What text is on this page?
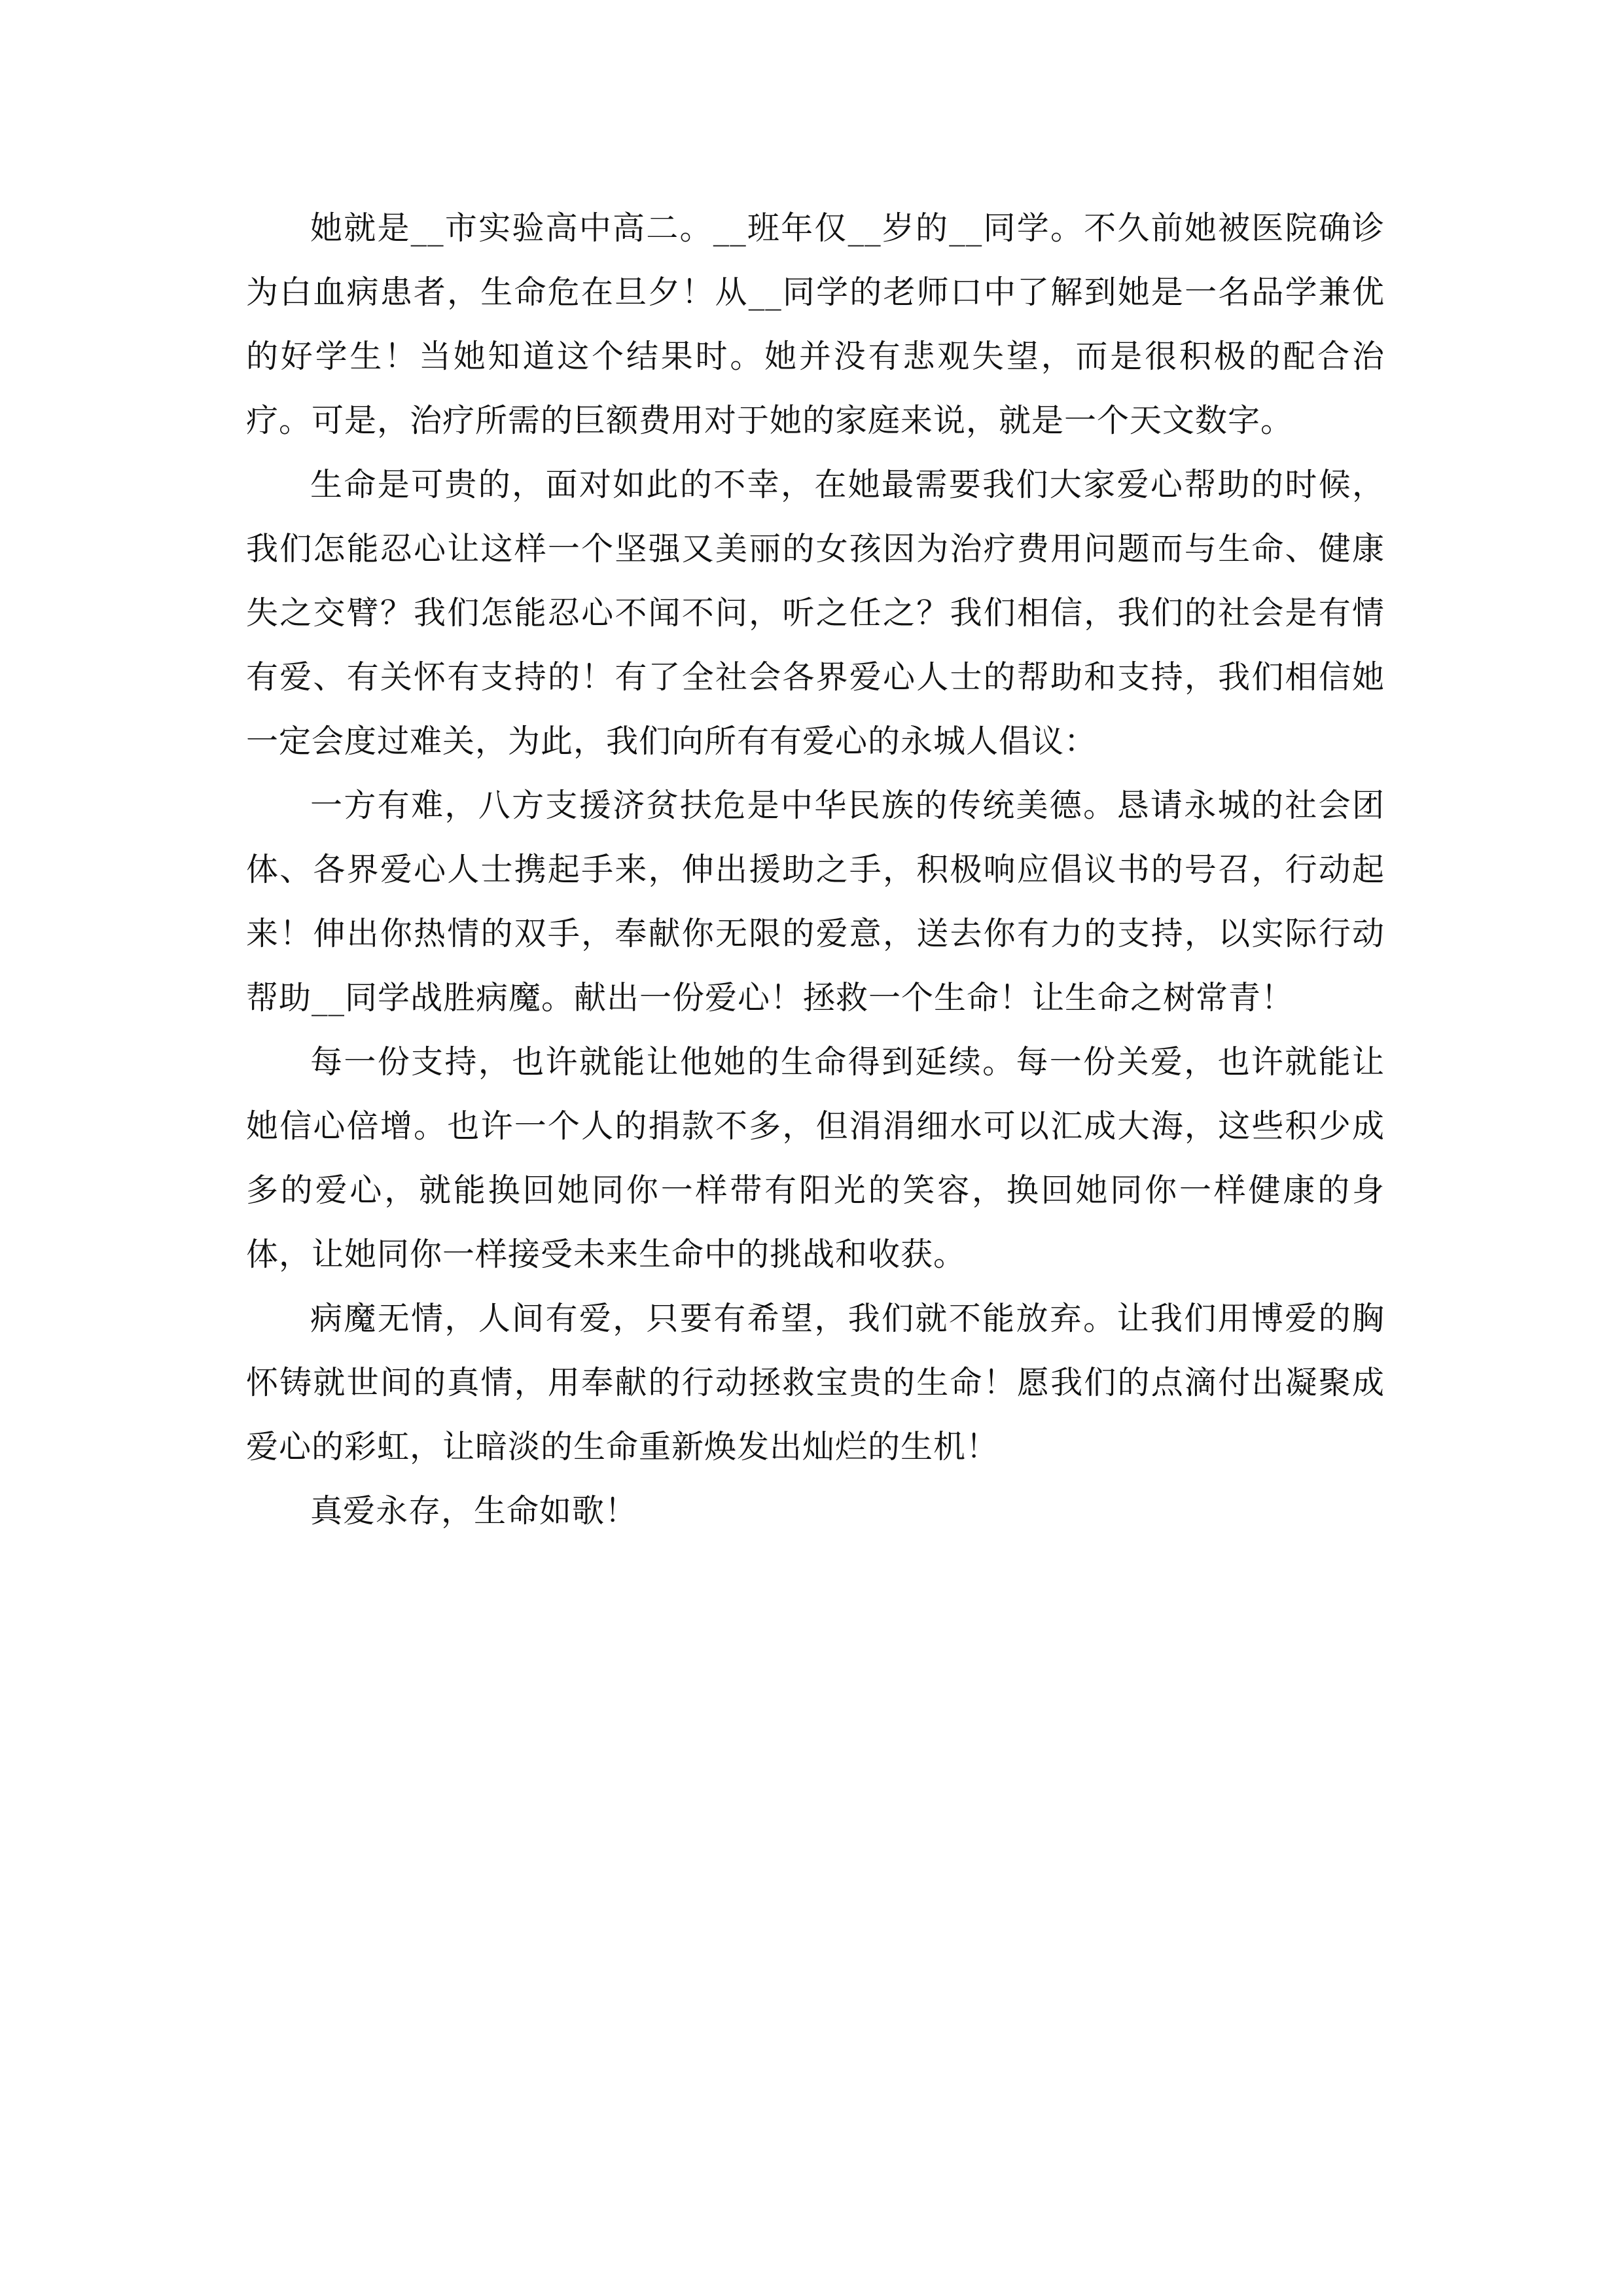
她就是__市实验高中高二。__班年仅__岁的__同学。不久前她被医院确诊为白血病患者，生命危在旦夕！从__同学的老师口中了解到她是一名品学兼优的好学生！当她知道这个结果时。她并没有悲观失望，而是很积极的配合治疗。可是，治疗所需的巨额费用对于她的家庭来说，就是一个天文数字。

生命是可贵的，面对如此的不幸，在她最需要我们大家爱心帮助的时候，我们怎能忍心让这样一个坚强又美丽的女孩因为治疗费用问题而与生命、健康失之交臂？我们怎能忍心不闻不问，听之任之？我们相信，我们的社会是有情有爱、有关怀有支持的！有了全社会各界爱心人士的帮助和支持，我们相信她一定会度过难关，为此，我们向所有有爱心的永城人倡议：

一方有难，八方支援济贫扶危是中华民族的传统美德。恳请永城的社会团体、各界爱心人士携起手来，伸出援助之手，积极响应倡议书的号召，行动起来！伸出你热情的双手，奉献你无限的爱意，送去你有力的支持，以实际行动帮助__同学战胜病魔。献出一份爱心！拯救一个生命！让生命之树常青！

每一份支持，也许就能让他她的生命得到延续。每一份关爱，也许就能让她信心倍增。也许一个人的捐款不多，但涓涓细水可以汇成大海，这些积少成多的爱心，就能换回她同你一样带有阳光的笑容，换回她同你一样健康的身体，让她同你一样接受未来生命中的挑战和收获。

病魔无情，人间有爱，只要有希望，我们就不能放弃。让我们用博爱的胸怀铸就世间的真情，用奉献的行动拯救宝贵的生命！愿我们的点滴付出凝聚成爱心的彩虹，让暗淡的生命重新焕发出灿烂的生机！

真爱永存，生命如歌！
